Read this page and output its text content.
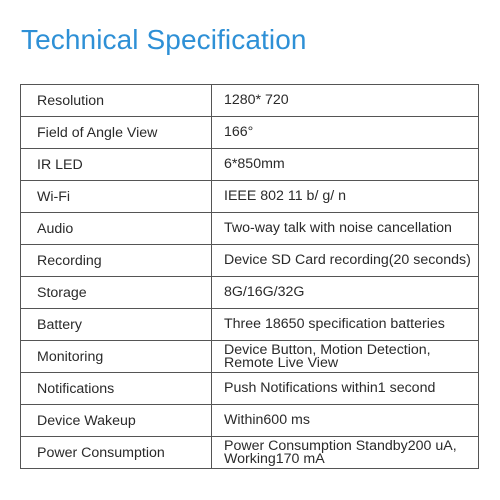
Technical Specification
Resolution	1280* 720

Field of Angle View	166°

IR LED	6*850mm

Wi-Fi	IEEE 802 11 b/ g/ n

Audio	Two-way talk with noise cancellation

Recording	Device SD Card recording(20 seconds)

Storage	8G/16G/32G

Battery	Three 18650 specification batteries

Monitoring	Device Button, Motion Detection,
Remote Live View

Notifications	Push Notifications within1 second

Device Wakeup	Within600 ms

Power Consumption	Power Consumption Standby200 uA,
Working170 mA
